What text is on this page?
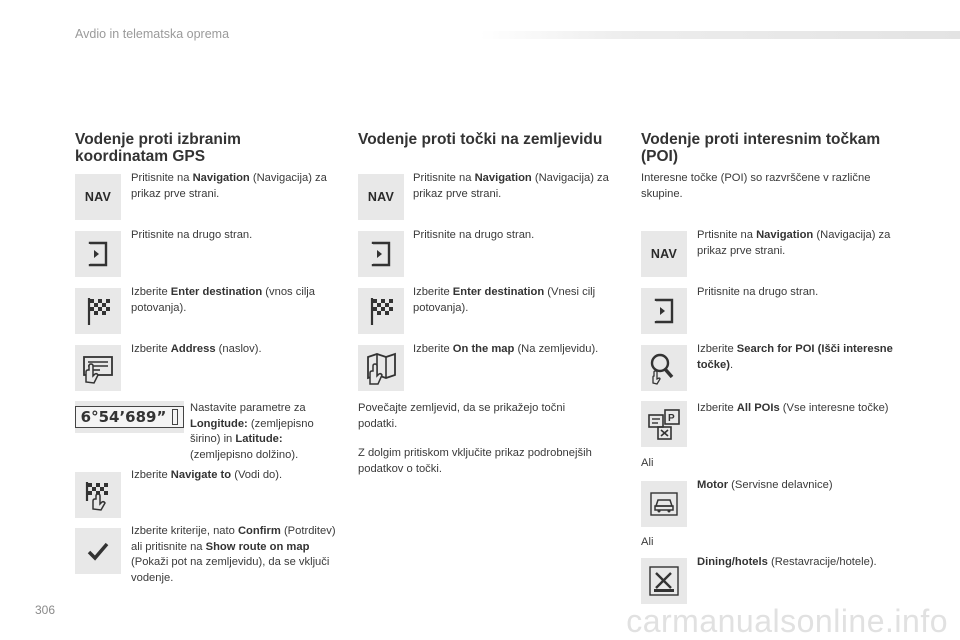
Avdio in telematska oprema
Vodenje proti izbranim
koordinatam GPS
NAV
Pritisnite na Navigation (Navigacija) za prikaz prve strani.
Pritisnite na drugo stran.
Izberite Enter destination (vnos cilja potovanja).
Izberite Address (naslov).
6°54’689” Nastavite parametre za Longitude: (zemljepisno širino) in Latitude: (zemljepisno dolžino).
Izberite Navigate to (Vodi do).
Izberite kriterije, nato Confirm (Potrditev) ali pritisnite na Show route on map (Pokaži pot na zemljevidu), da se vključi vodenje.
Vodenje proti točki na zemljevidu
NAV
Pritisnite na Navigation (Navigacija) za prikaz prve strani.
Pritisnite na drugo stran.
Izberite Enter destination (Vnesi cilj potovanja).
Izberite On the map (Na zemljevidu).
Povečajte zemljevid, da se prikažejo točni podatki.
Z dolgim pritiskom vključite prikaz podrobnejših podatkov o točki.
Vodenje proti interesnim točkam
(POI)
Interesne točke (POI) so razvrščene v različne skupine.
NAV
Prtisnite na Navigation (Navigacija) za prikaz prve strani.
Pritisnite na drugo stran.
Izberite Search for POI (Išči interesne točke).
P
Izberite All POIs (Vse interesne točke)
Ali
Motor (Servisne delavnice)
Ali
Dining/hotels (Restavracije/hotele).
306	carmanualsonline.info
